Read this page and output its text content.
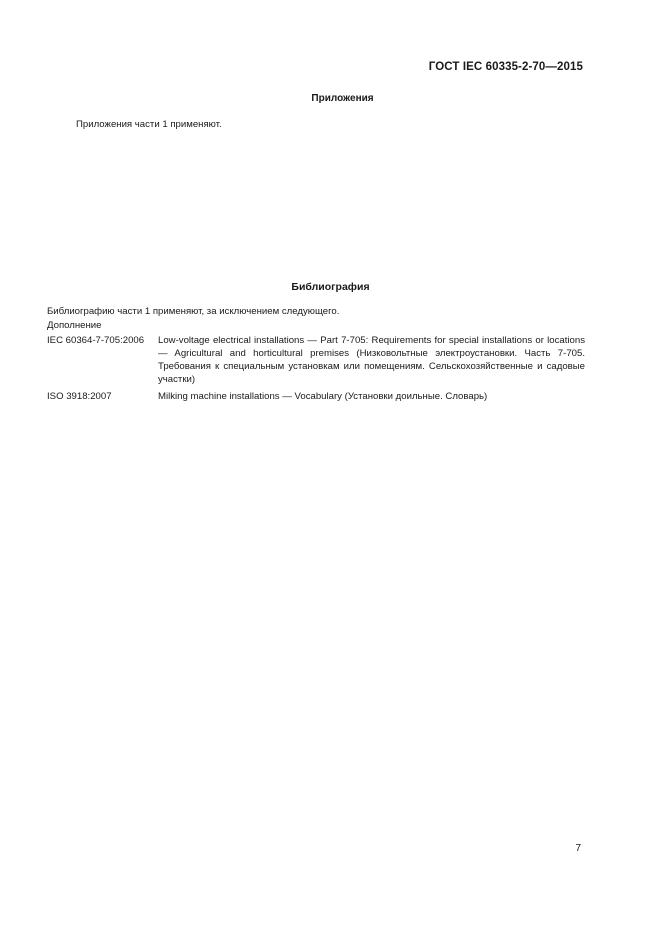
ГОСТ IEC 60335-2-70—2015
Приложения
Приложения части 1 применяют.
Библиография
Библиографию части 1 применяют, за исключением следующего.
Дополнение
IEC 60364-7-705:2006	Low-voltage electrical installations — Part 7-705: Requirements for special installations or locations — Agricultural and horticultural premises (Низковольтные электроустановки. Часть 7-705. Требования к специальным установкам или помещениям. Сельскохозяйственные и садовые участки)
ISO 3918:2007	Milking machine installations — Vocabulary (Установки доильные. Словарь)
7
